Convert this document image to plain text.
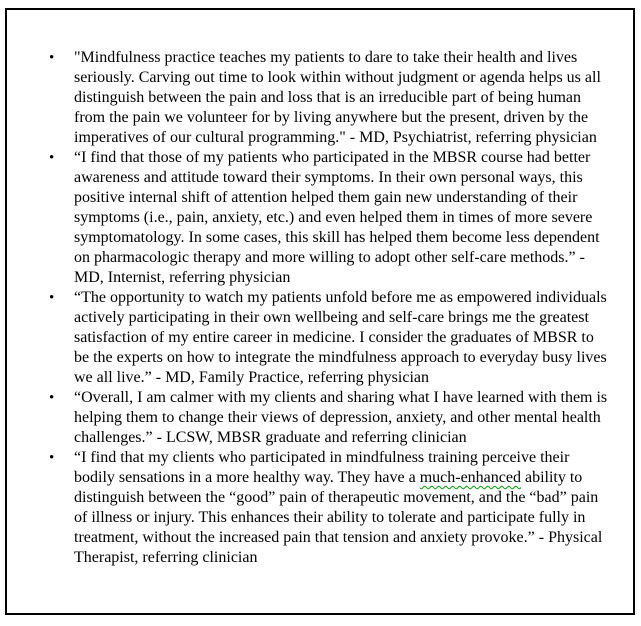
• "Mindfulness practice teaches my patients to dare to take their health and lives seriously. Carving out time to look within without judgment or agenda helps us all distinguish between the pain and loss that is an irreducible part of being human from the pain we volunteer for by living anywhere but the present, driven by the imperatives of our cultural programming." - MD, Psychiatrist, referring physician
• “I find that those of my patients who participated in the MBSR course had better awareness and attitude toward their symptoms. In their own personal ways, this positive internal shift of attention helped them gain new understanding of their symptoms (i.e., pain, anxiety, etc.) and even helped them in times of more severe symptomatology. In some cases, this skill has helped them become less dependent on pharmacologic therapy and more willing to adopt other self-care methods.” - MD, Internist, referring physician
• “The opportunity to watch my patients unfold before me as empowered individuals actively participating in their own wellbeing and self-care brings me the greatest satisfaction of my entire career in medicine. I consider the graduates of MBSR to be the experts on how to integrate the mindfulness approach to everyday busy lives we all live.” - MD, Family Practice, referring physician
• “Overall, I am calmer with my clients and sharing what I have learned with them is helping them to change their views of depression, anxiety, and other mental health challenges.” - LCSW, MBSR graduate and referring clinician
• “I find that my clients who participated in mindfulness training perceive their bodily sensations in a more healthy way. They have a much-enhanced ability to distinguish between the “good” pain of therapeutic movement, and the “bad” pain of illness or injury. This enhances their ability to tolerate and participate fully in treatment, without the increased pain that tension and anxiety provoke.” - Physical Therapist, referring clinician
